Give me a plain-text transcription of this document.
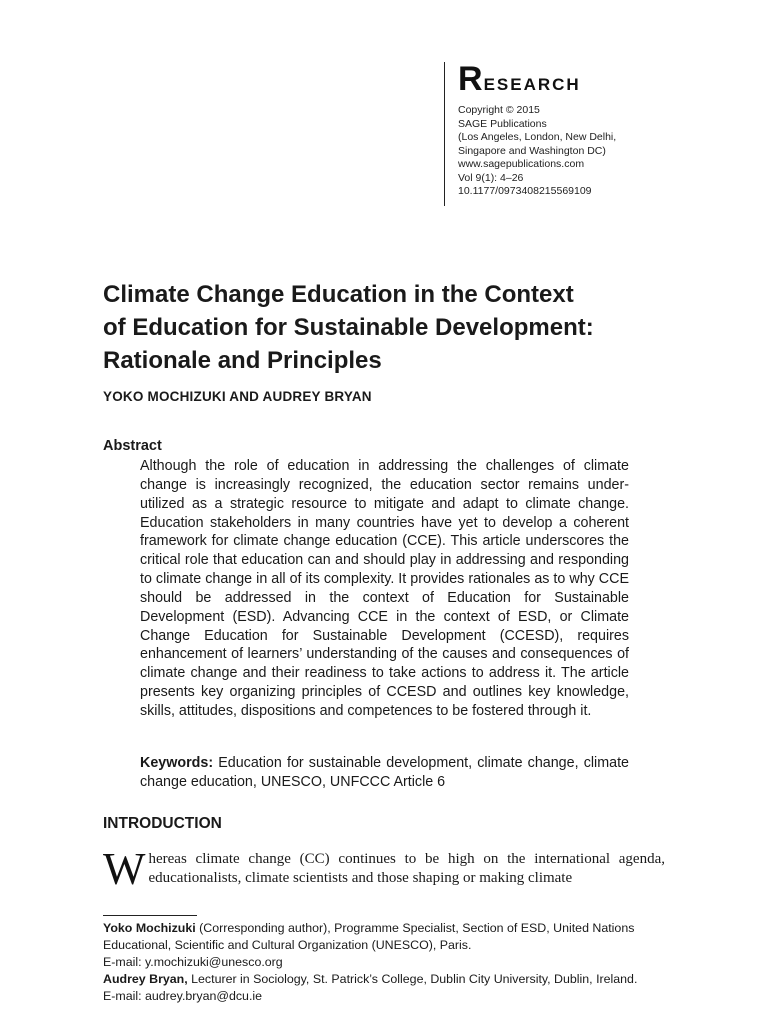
RESEARCH
Copyright © 2015
SAGE Publications
(Los Angeles, London, New Delhi,
Singapore and Washington DC)
www.sagepublications.com
Vol 9(1): 4–26
10.1177/0973408215569109
Climate Change Education in the Context
of Education for Sustainable Development:
Rationale and Principles
YOKO MOCHIZUKI AND AUDREY BRYAN
Abstract
Although the role of education in addressing the challenges of climate change is increasingly recognized, the education sector remains under-utilized as a strategic resource to mitigate and adapt to climate change. Education stakeholders in many countries have yet to develop a coherent framework for climate change education (CCE). This article underscores the critical role that education can and should play in addressing and responding to climate change in all of its complexity. It provides rationales as to why CCE should be addressed in the context of Education for Sustainable Development (ESD). Advancing CCE in the context of ESD, or Climate Change Education for Sustainable Development (CCESD), requires enhancement of learners’ understanding of the causes and consequences of climate change and their readiness to take actions to address it. The article presents key organizing principles of CCESD and outlines key knowledge, skills, attitudes, dispositions and competences to be fostered through it.
Keywords: Education for sustainable development, climate change, climate change education, UNESCO, UNFCCC Article 6
INTRODUCTION
Whereas climate change (CC) continues to be high on the international agenda, educationalists, climate scientists and those shaping or making climate
Yoko Mochizuki (Corresponding author), Programme Specialist, Section of ESD, United Nations
Educational, Scientific and Cultural Organization (UNESCO), Paris.
E-mail: y.mochizuki@unesco.org
Audrey Bryan, Lecturer in Sociology, St. Patrick’s College, Dublin City University, Dublin, Ireland.
E-mail: audrey.bryan@dcu.ie
